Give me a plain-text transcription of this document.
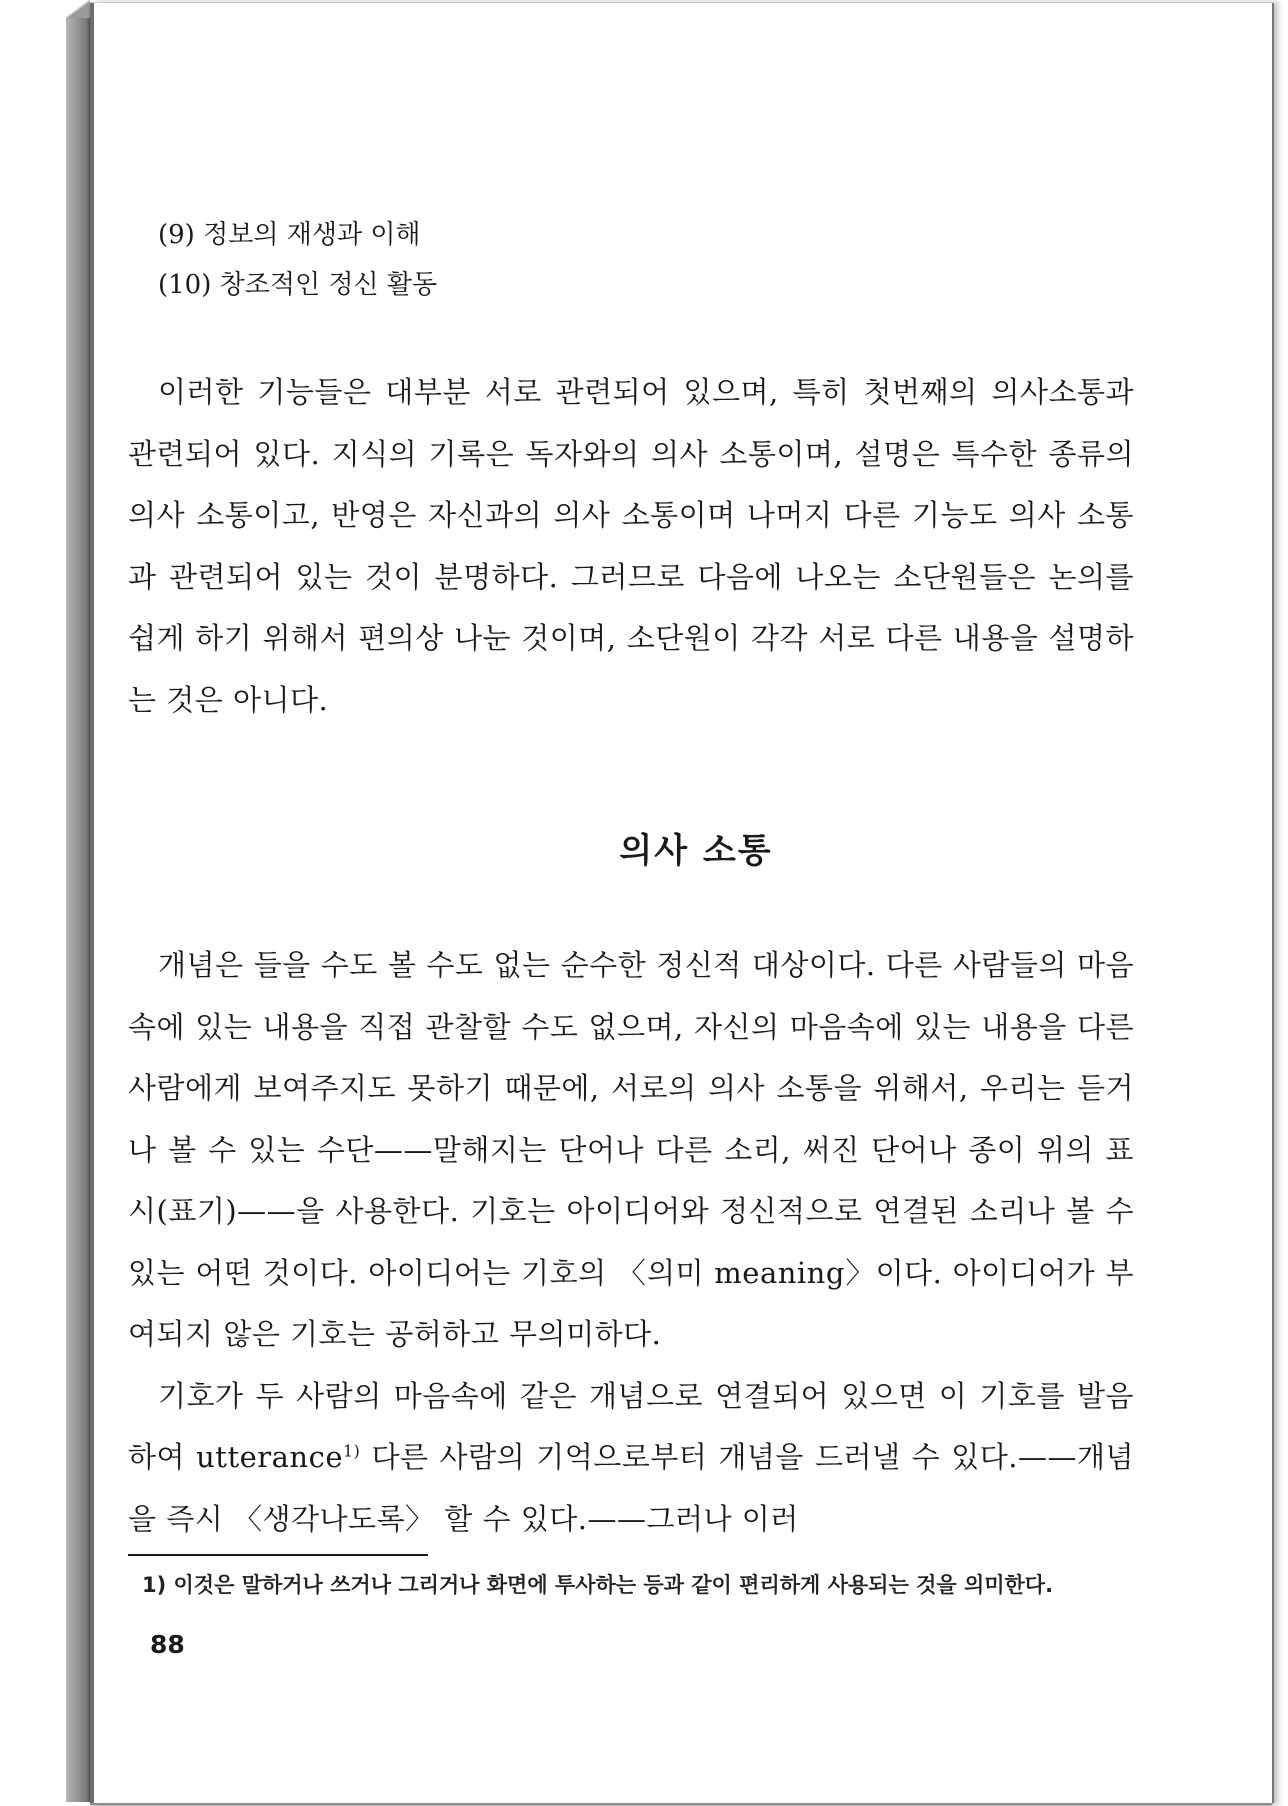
(9) 정보의 재생과 이해

(10) 창조적인 정신 활동

이러한 기능들은 대부분 서로 관련되어 있으며, 특히 첫번째의 의사소통과 관련되어 있다. 지식의 기록은 독자와의 의사 소통이며, 설명은 특수한 종류의 의사 소통이고, 반영은 자신과의 의사 소통이며 나머지 다른 기능도 의사 소통과 관련되어 있는 것이 분명하다. 그러므로 다음에 나오는 소단원들은 논의를 쉽게 하기 위해서 편의상 나눈 것이며, 소단원이 각각 서로 다른 내용을 설명하는 것은 아니다.

의사 소통

개념은 들을 수도 볼 수도 없는 순수한 정신적 대상이다. 다른 사람들의 마음속에 있는 내용을 직접 관찰할 수도 없으며, 자신의 마음속에 있는 내용을 다른 사람에게 보여주지도 못하기 때문에, 서로의 의사 소통을 위해서, 우리는 듣거나 볼 수 있는 수단——말해지는 단어나 다른 소리, 써진 단어나 종이 위의 표시(표기)——을 사용한다. 기호는 아이디어와 정신적으로 연결된 소리나 볼 수 있는 어떤 것이다. 아이디어는 기호의 〈의미 meaning〉이다. 아이디어가 부여되지 않은 기호는 공허하고 무의미하다.

기호가 두 사람의 마음속에 같은 개념으로 연결되어 있으면 이 기호를 발음하여 utterance$^{1)}$ 다른 사람의 기억으로부터 개념을 드러낼 수 있다.——개념을 즉시 〈생각나도록〉 할 수 있다.——그러나 이러

1) 이것은 말하거나 쓰거나 그리거나 화면에 투사하는 등과 같이 편리하게 사용되는 것을 의미한다.

88
